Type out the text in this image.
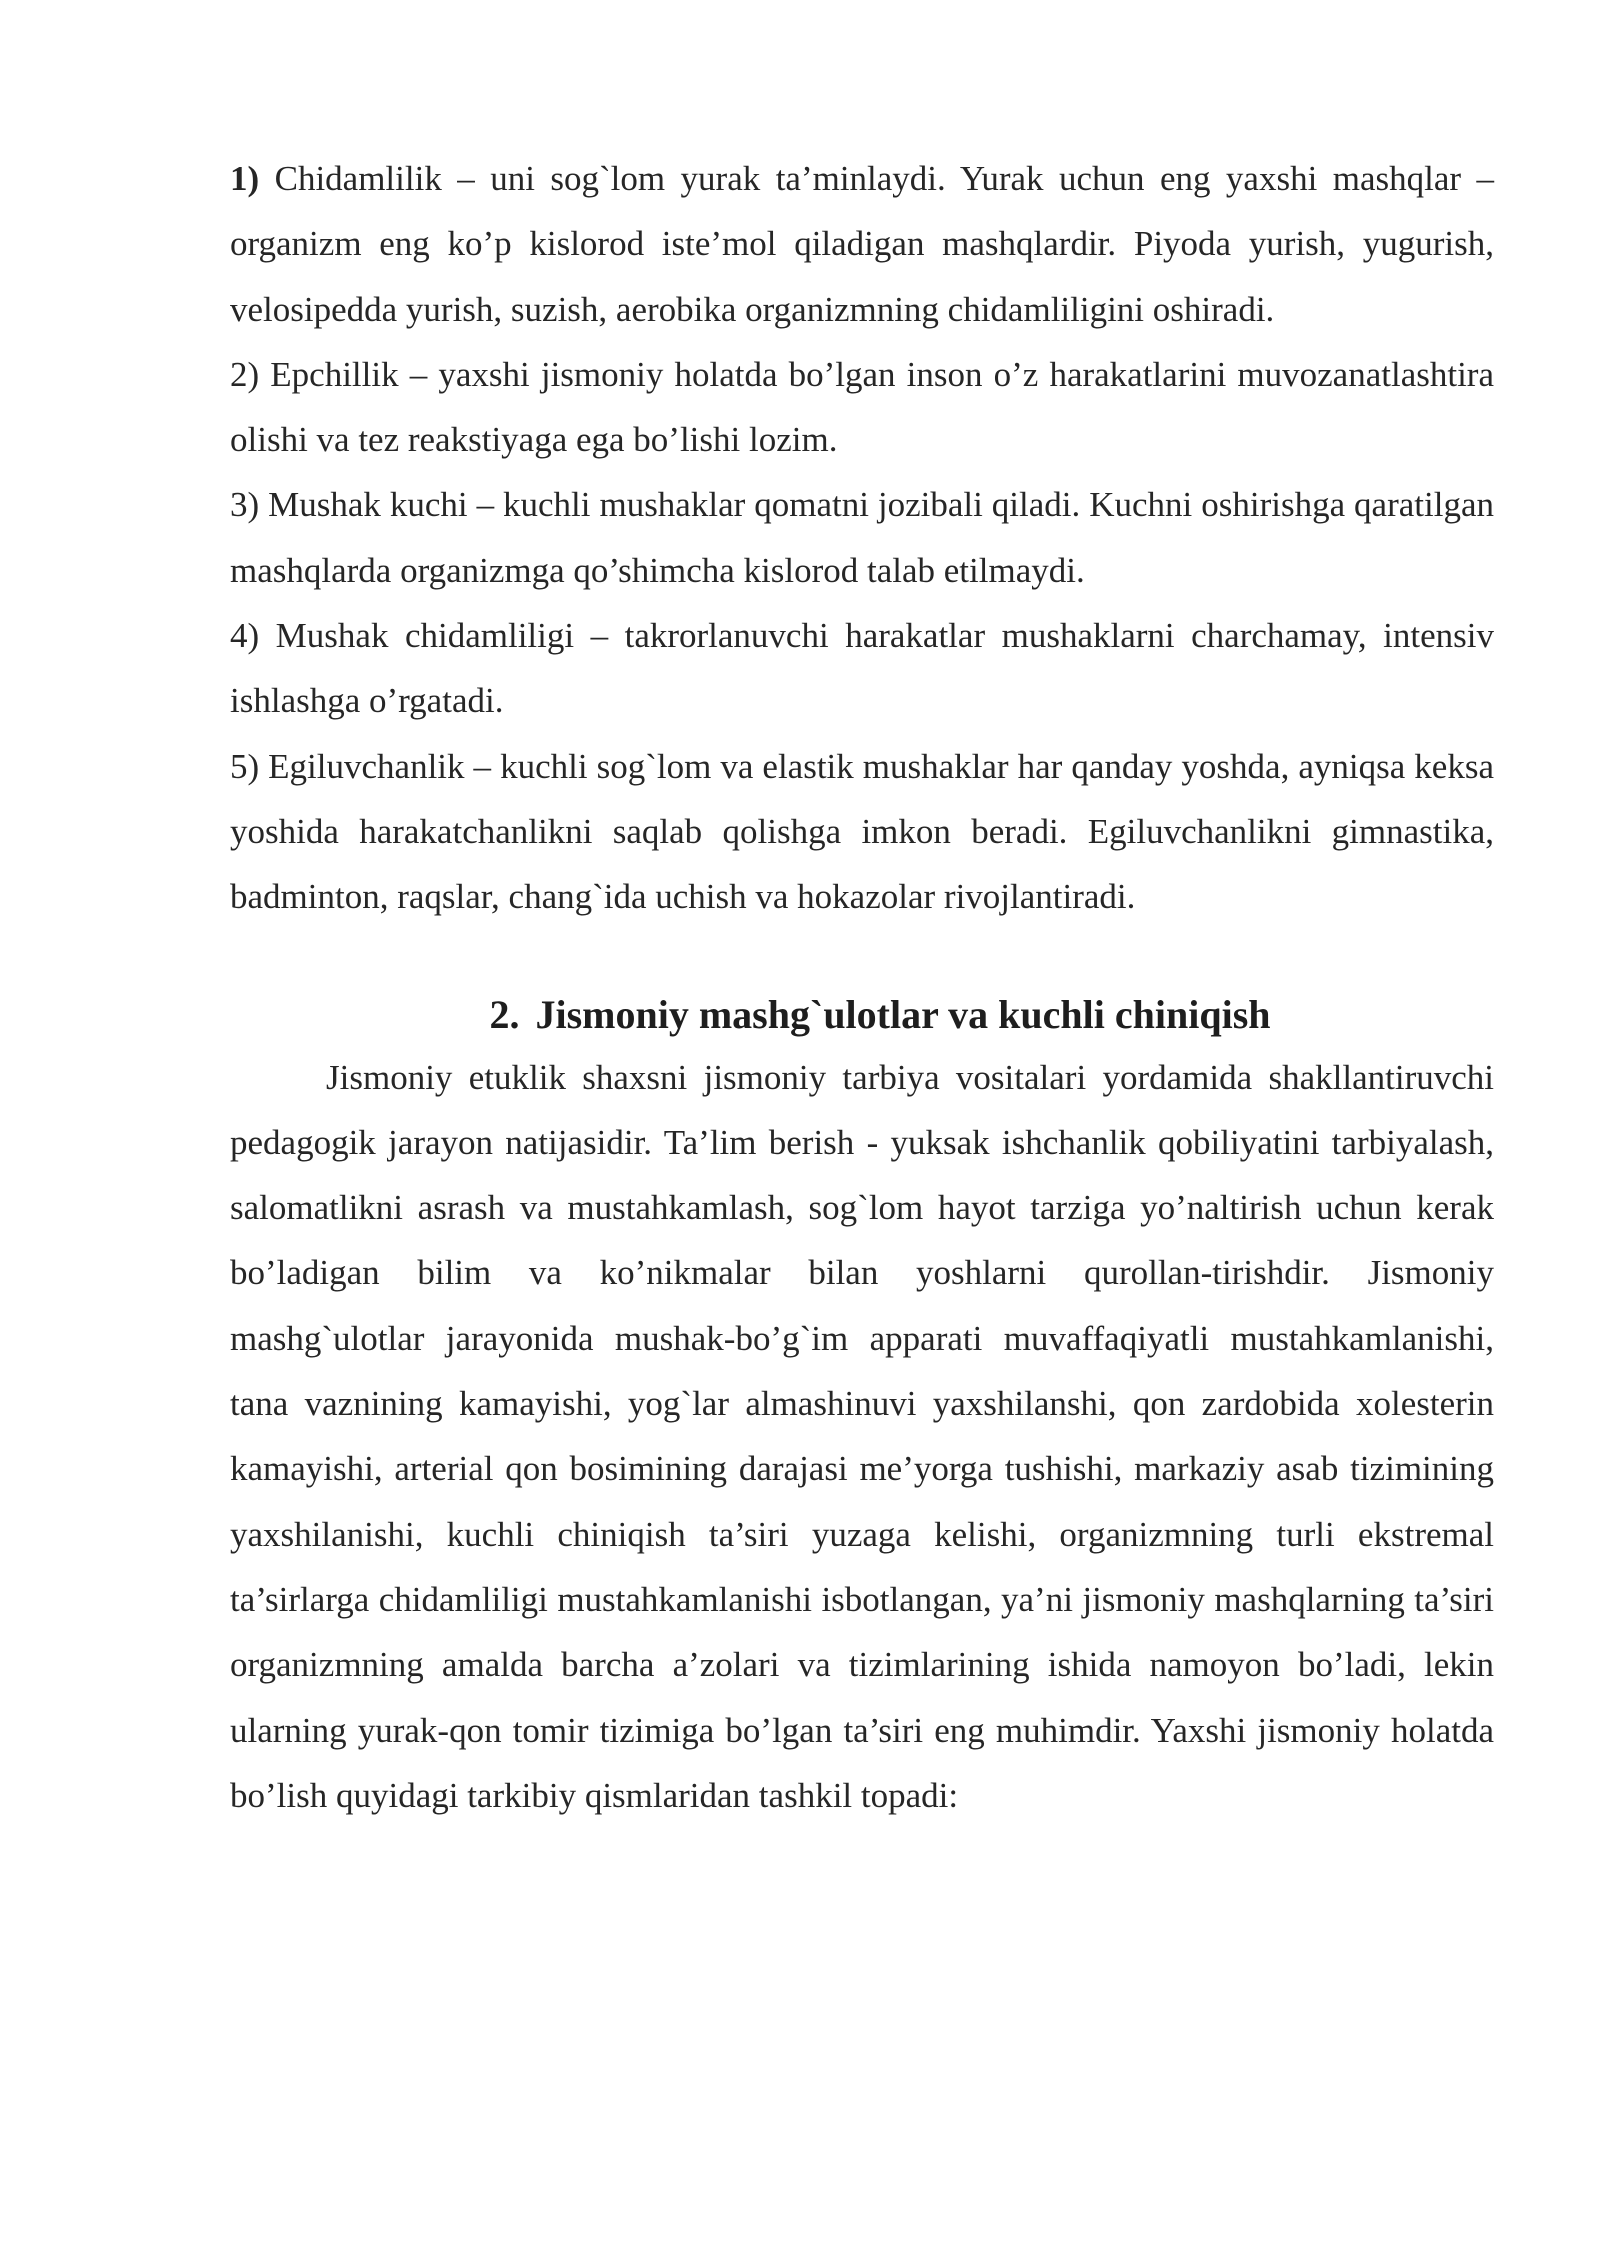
1) Chidamlilik – uni sog`lom yurak ta’minlaydi. Yurak uchun eng yaxshi mashqlar – organizm eng ko’p kislorod iste’mol qiladigan mashqlardir. Piyoda yurish, yugurish, velosipedda yurish, suzish, aerobika organizmning chidamliligini oshiradi.

2) Epchillik – yaxshi jismoniy holatda bo’lgan inson o’z harakatlarini muvozanatlashtira olishi va tez reakstiyaga ega bo’lishi lozim.

3) Mushak kuchi – kuchli mushaklar qomatni jozibali qiladi. Kuchni oshirishga qaratilgan mashqlarda organizmga qo’shimcha kislorod talab etilmaydi.

4) Mushak chidamliligi – takrorlanuvchi harakatlar mushaklarni charchamay, intensiv ishlashga o’rgatadi.

5) Egiluvchanlik – kuchli sog`lom va elastik mushaklar har qanday yoshda, ayniqsa keksa yoshida harakatchanlikni saqlab qolishga imkon beradi. Egiluvchanlikni gimnastika, badminton, raqslar, chang`ida uchish va hokazolar rivojlantiradi.

2. Jismoniy mashg`ulotlar va kuchli chiniqish

Jismoniy etuklik shaxsni jismoniy tarbiya vositalari yordamida shakllantiruvchi pedagogik jarayon natijasidir. Ta’lim berish - yuksak ishchanlik qobiliyatini tarbiyalash, salomatlikni asrash va mustahkamlash, sog`lom hayot tarziga yo’naltirish uchun kerak bo’ladigan bilim va ko’nikmalar bilan yoshlarni qurollan-tirishdir. Jismoniy mashg`ulotlar jarayonida mushak-bo’g`im apparati muvaffaqiyatli mustahkamlanishi, tana vaznining kamayishi, yog`lar almashinuvi yaxshilanshi, qon zardobida xolesterin kamayishi, arterial qon bosimining darajasi me’yorga tushishi, markaziy asab tizimining yaxshilanishi, kuchli chiniqish ta’siri yuzaga kelishi, organizmning turli ekstremal ta’sirlarga chidamliligi mustahkamlanishi isbotlangan, ya’ni jismoniy mashqlarning ta’siri organizmning amalda barcha a’zolari va tizimlarining ishida namoyon bo’ladi, lekin ularning yurak-qon tomir tizimiga bo’lgan ta’siri eng muhimdir. Yaxshi jismoniy holatda bo’lish quyidagi tarkibiy qismlaridan tashkil topadi:
